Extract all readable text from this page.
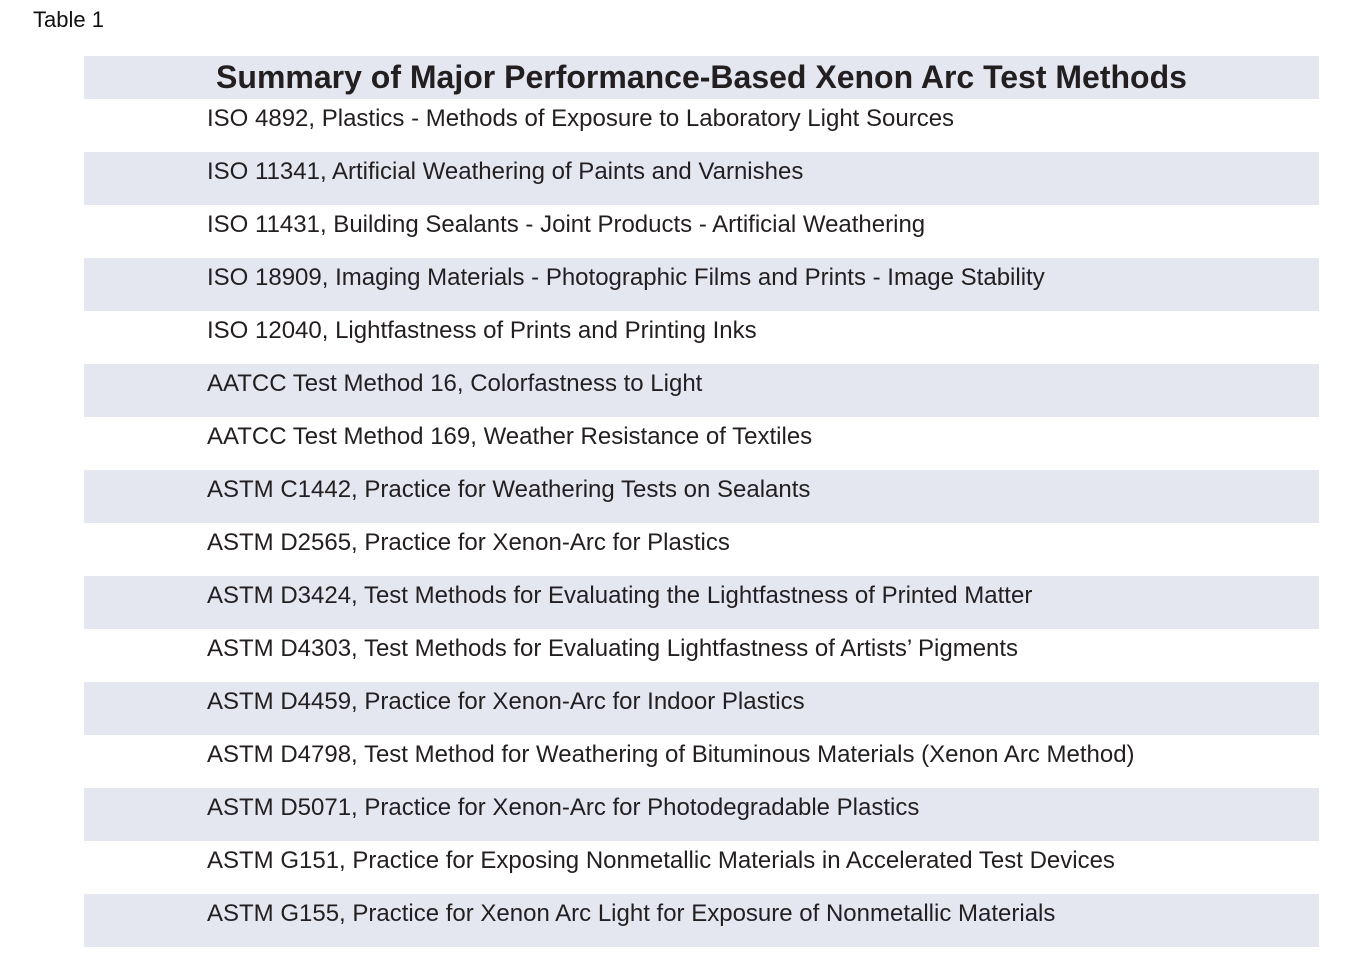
Table 1
Summary of Major Performance-Based Xenon Arc Test Methods
ISO 4892, Plastics - Methods of Exposure to Laboratory Light Sources
ISO 11341, Artificial Weathering of Paints and Varnishes
ISO 11431, Building Sealants - Joint Products - Artificial Weathering
ISO 18909, Imaging Materials - Photographic Films and Prints - Image Stability
ISO 12040, Lightfastness of Prints and Printing Inks
AATCC Test Method 16, Colorfastness to Light
AATCC Test Method 169, Weather Resistance of Textiles
ASTM C1442, Practice for Weathering Tests on Sealants
ASTM D2565, Practice for Xenon-Arc for Plastics
ASTM D3424, Test Methods for Evaluating the Lightfastness of Printed Matter
ASTM D4303, Test Methods for Evaluating Lightfastness of Artists’ Pigments
ASTM D4459, Practice for Xenon-Arc for Indoor Plastics
ASTM D4798, Test Method for Weathering of Bituminous Materials (Xenon Arc Method)
ASTM D5071, Practice for Xenon-Arc for Photodegradable Plastics
ASTM G151, Practice for Exposing Nonmetallic Materials in Accelerated Test Devices
ASTM G155, Practice for Xenon Arc Light for Exposure of Nonmetallic Materials
